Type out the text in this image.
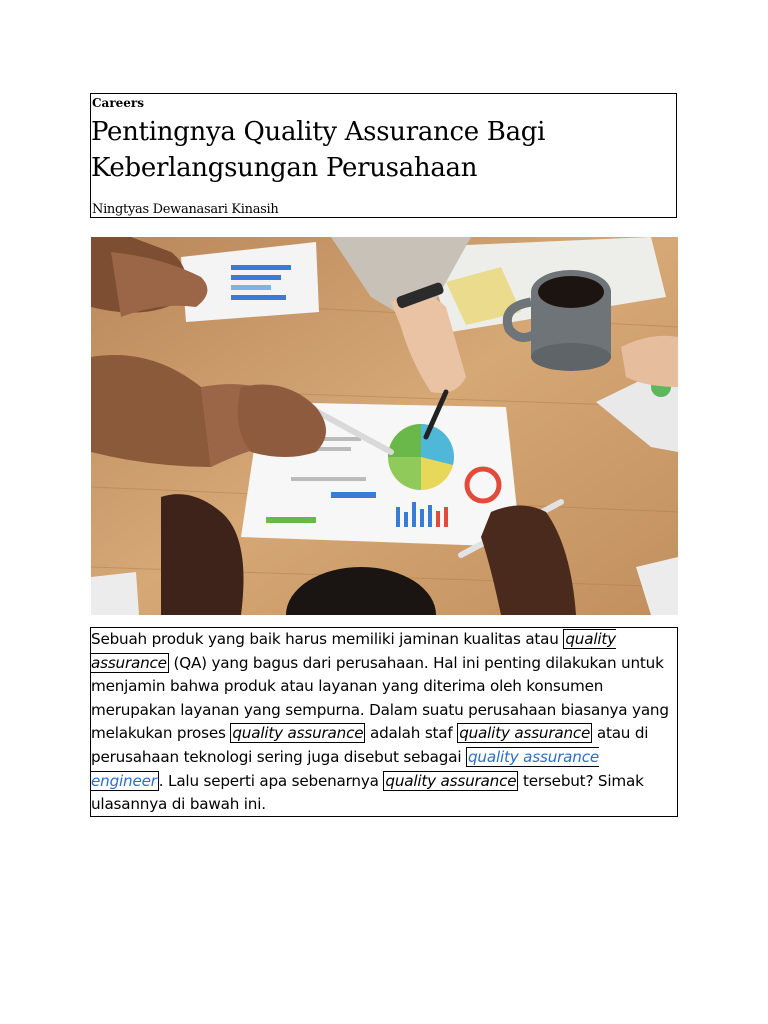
Careers
Pentingnya Quality Assurance Bagi Keberlangsungan Perusahaan
Ningtyas Dewanasari Kinasih

Sebuah produk yang baik harus memiliki jaminan kualitas atau quality assurance (QA) yang bagus dari perusahaan. Hal ini penting dilakukan untuk menjamin bahwa produk atau layanan yang diterima oleh konsumen merupakan layanan yang sempurna. Dalam suatu perusahaan biasanya yang melakukan proses quality assurance adalah staf quality assurance atau di perusahaan teknologi sering juga disebut sebagai quality assurance engineer . Lalu seperti apa sebenarnya quality assurance tersebut? Simak ulasannya di bawah ini.
